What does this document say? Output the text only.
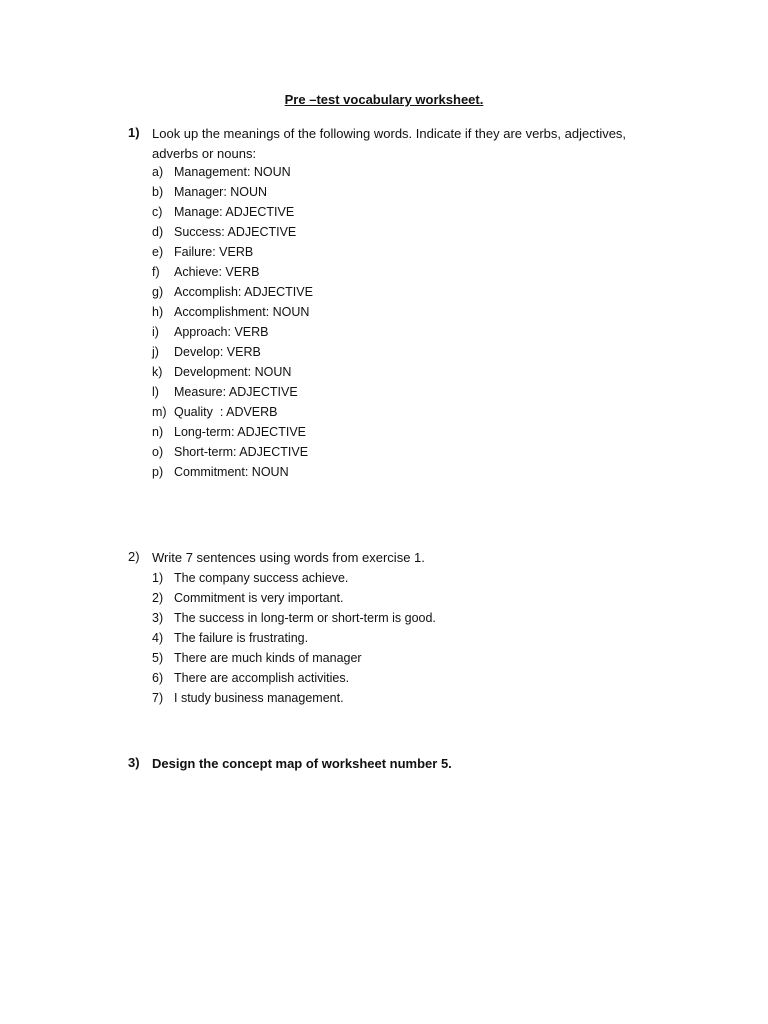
Pre –test vocabulary worksheet.
1) Look up the meanings of the following words. Indicate if they are verbs, adjectives, adverbs or nouns:
a) Management: NOUN
b) Manager: NOUN
c) Manage: ADJECTIVE
d) Success: ADJECTIVE
e) Failure: VERB
f) Achieve: VERB
g) Accomplish: ADJECTIVE
h) Accomplishment: NOUN
i) Approach: VERB
j) Develop: VERB
k) Development: NOUN
l) Measure: ADJECTIVE
m) Quality  : ADVERB
n) Long-term: ADJECTIVE
o) Short-term: ADJECTIVE
p) Commitment: NOUN
2) Write 7 sentences using words from exercise 1.
1) The company success achieve.
2) Commitment is very important.
3) The success in long-term or short-term is good.
4) The failure is frustrating.
5) There are much kinds of manager
6) There are accomplish activities.
7) I study business management.
3) Design the concept map of worksheet number 5.
